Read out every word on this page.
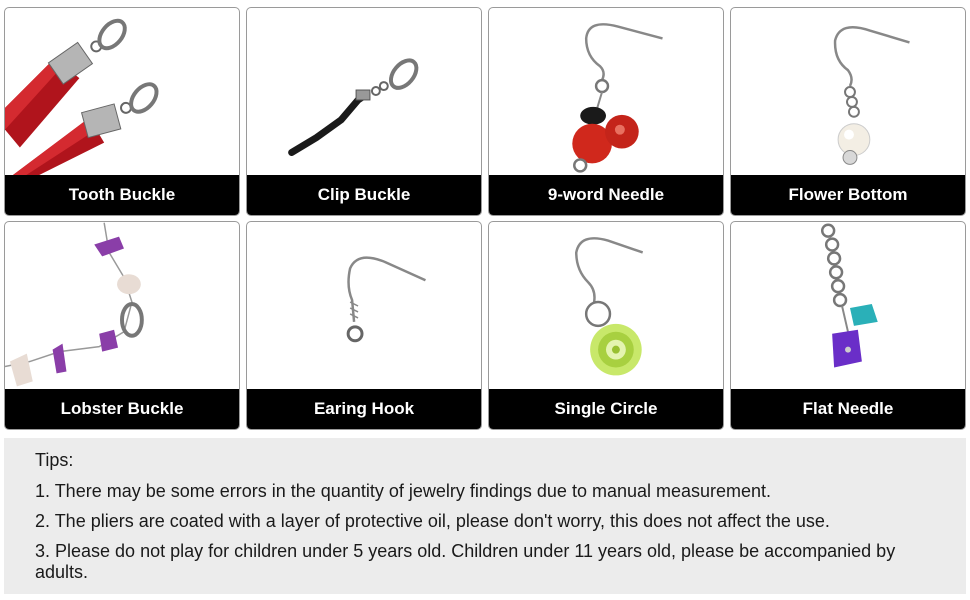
Tooth Buckle	Clip Buckle	9-word Needle	Flower Bottom
Lobster Buckle	Earing Hook	Single Circle	Flat Needle
Tips:
1. There may be some errors in the quantity of jewelry findings due to manual measurement.
2. The pliers are coated with a layer of protective oil, please don't worry, this does not affect the use.
3. Please do not play for children under 5 years old. Children under 11 years old, please be accompanied by adults.
